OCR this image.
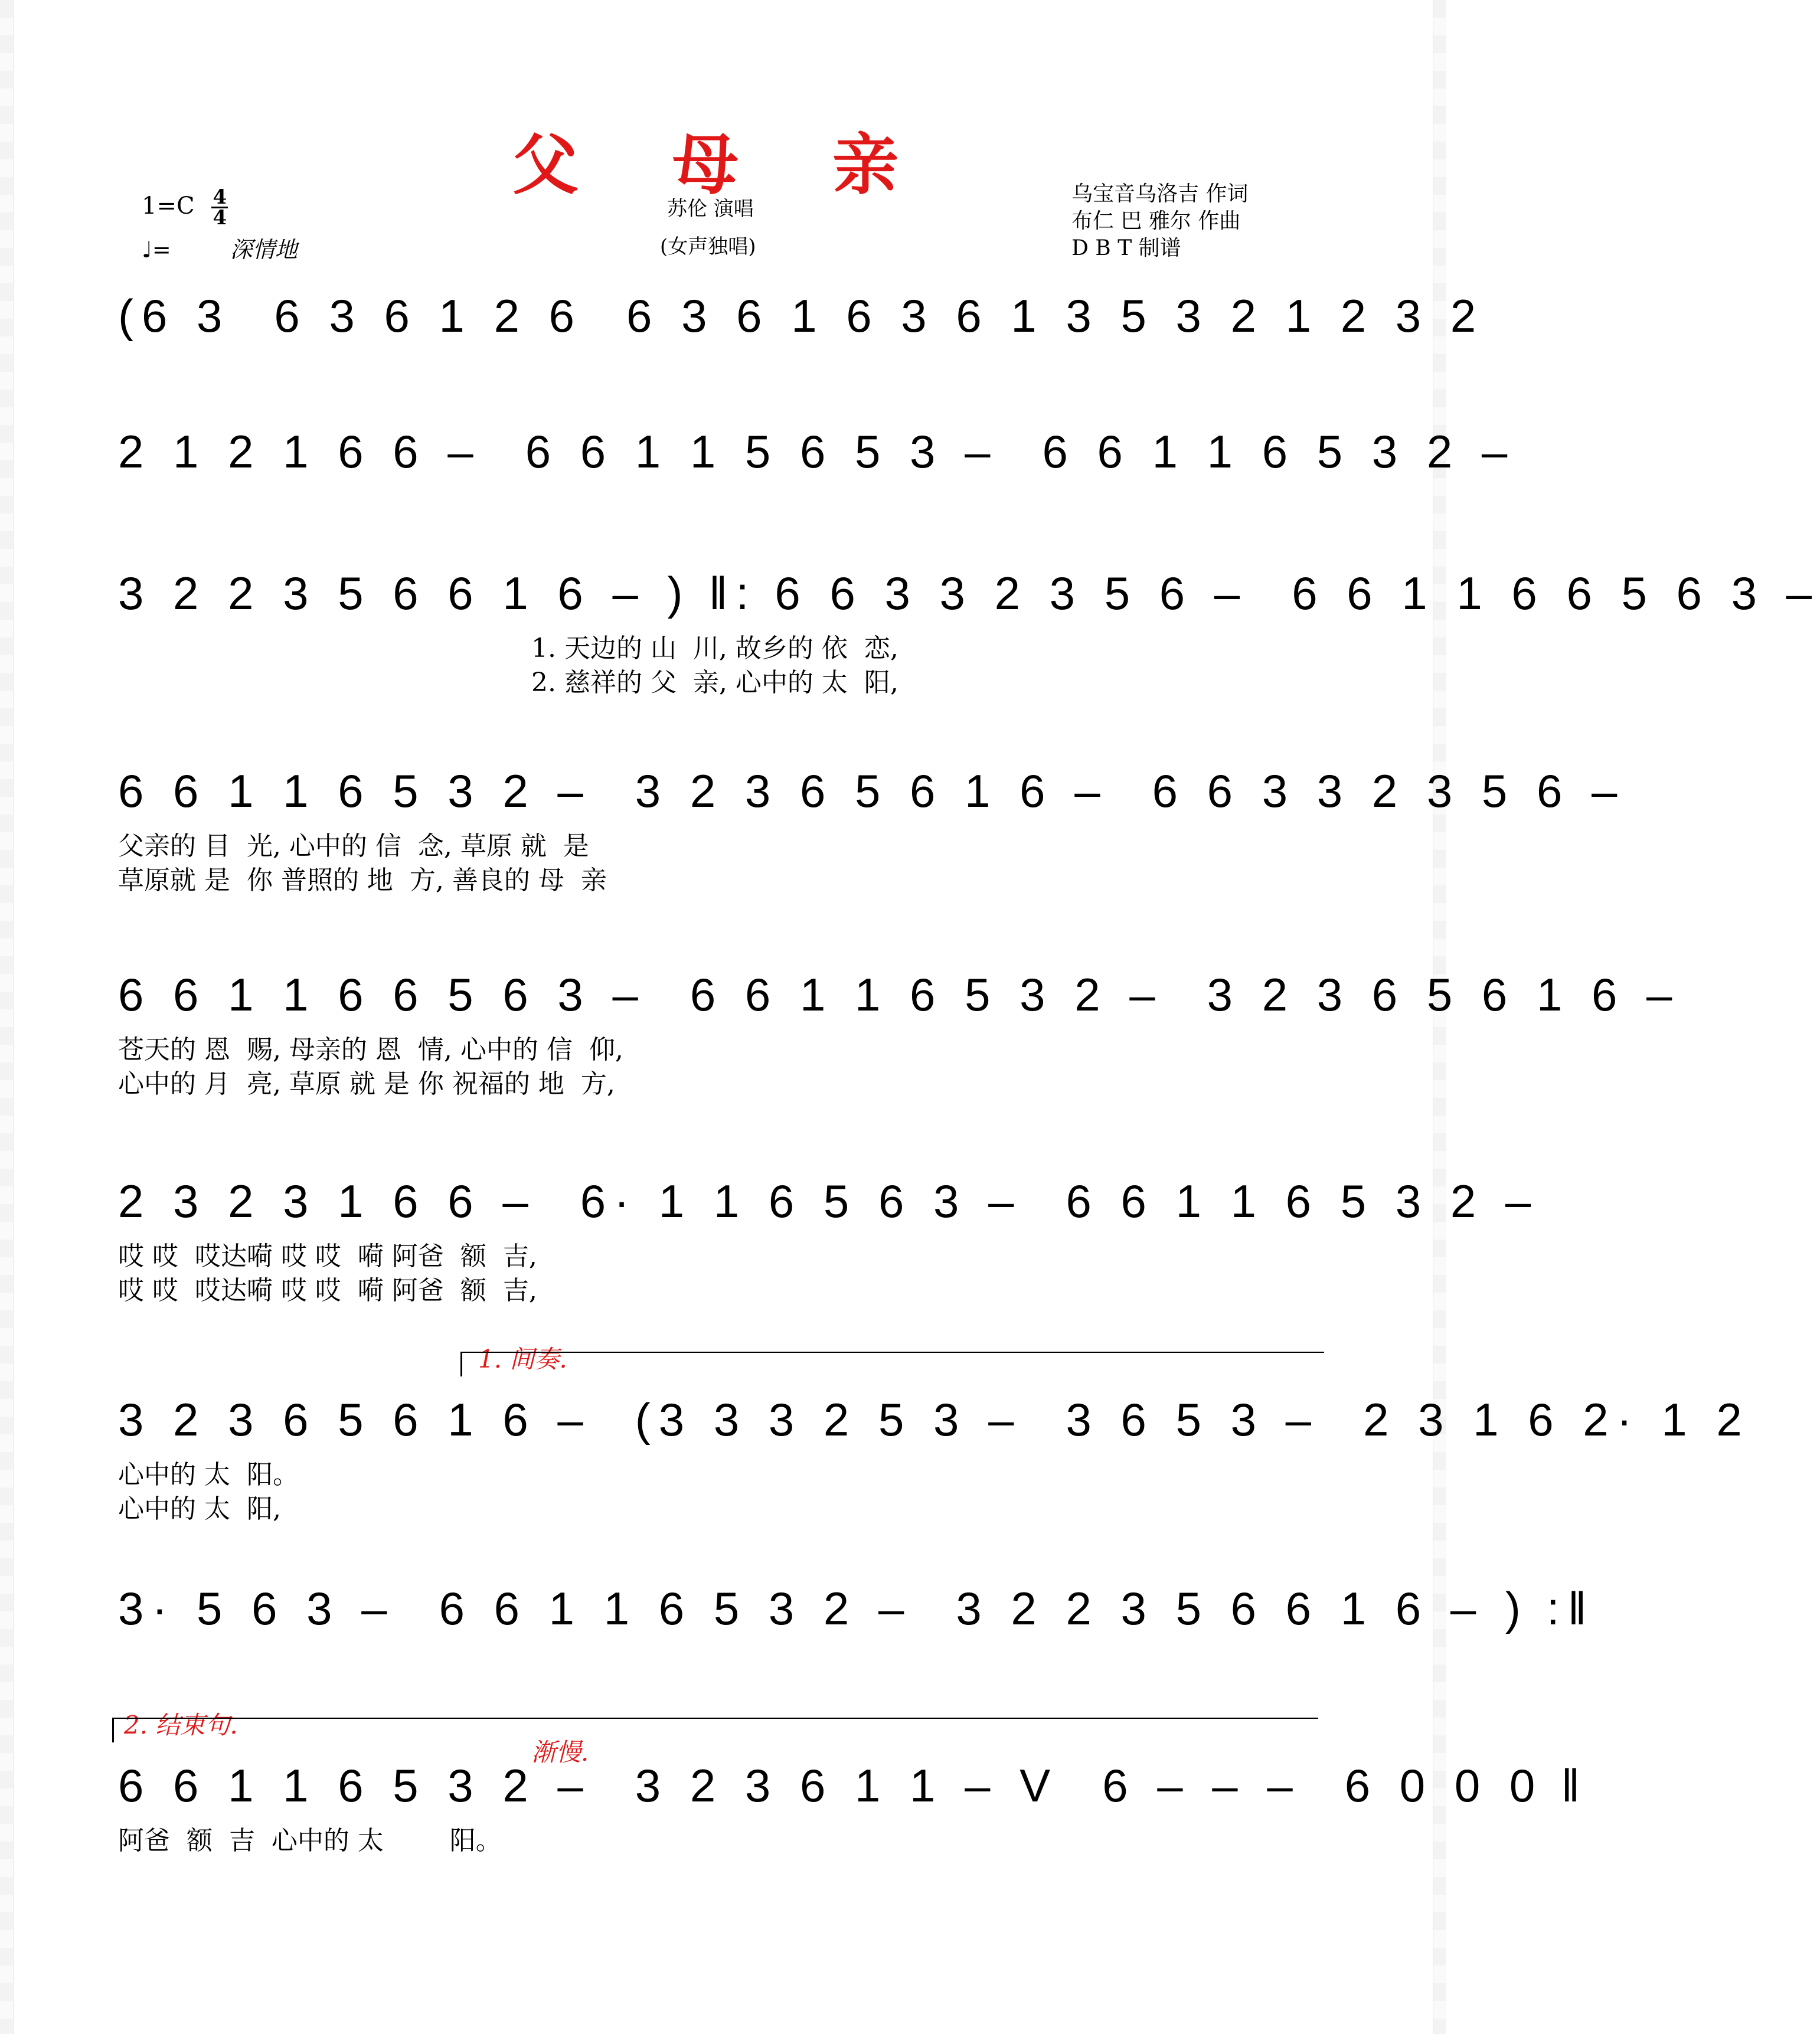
父 母 亲
$1=C \frac{4}{4}$
♩=	深情地
苏伦 演唱
(女声独唱)
乌宝音乌洛吉 作词
布仁 巴 雅尔 作曲
D B T 制谱
(6 3 6 3 6 1 2 6 6 3 6 1 6 3 6 1 3 5 3 2 1 2 3 2
2 1 2 1 6 6 – 6 6 1 1 5 6 5 3 – 6 6 1 1 6 5 3 2 –
3 2 2 3 5 6 6 1 6 – ) ‖: 6 6 3 3 2 3 5 6 – 6 6 1 1 6 6 5 6 3 –
1. 天边的 山  川, 故乡的 依  恋,
2. 慈祥的 父  亲, 心中的 太  阳,
6 6 1 1 6 5 3 2 – 3 2 3 6 5 6 1 6 – 6 6 3 3 2 3 5 6 –
父亲的 目  光, 心中的 信  念, 草原 就  是
草原就 是  你 普照的 地  方, 善良的 母  亲
6 6 1 1 6 6 5 6 3 – 6 6 1 1 6 5 3 2 – 3 2 3 6 5 6 1 6 –
苍天的 恩  赐, 母亲的 恩  情, 心中的 信  仰,
心中的 月  亮, 草原 就 是 你 祝福的 地  方,
2 3 2 3 1 6 6 – 6· 1 1 6 5 6 3 – 6 6 1 1 6 5 3 2 –
哎 哎  哎达嗬 哎 哎  嗬 阿爸  额  吉,
哎 哎  哎达嗬 哎 哎  嗬 阿爸  额  吉,
1. 间奏.
3 2 3 6 5 6 1 6 – (3 3 3 2 5 3 – 3 6 5 3 – 2 3 1 6 2· 1 2
心中的 太  阳。
心中的 太  阳,
3· 5 6 3 – 6 6 1 1 6 5 3 2 – 3 2 2 3 5 6 6 1 6 – ) :‖
2. 结束句.
渐慢.
6 6 1 1 6 5 3 2 – 3 2 3 6 1 1 – V 6 – – – 6 0 0 0 ‖
阿爸  额  吉  心中的 太        阳。
